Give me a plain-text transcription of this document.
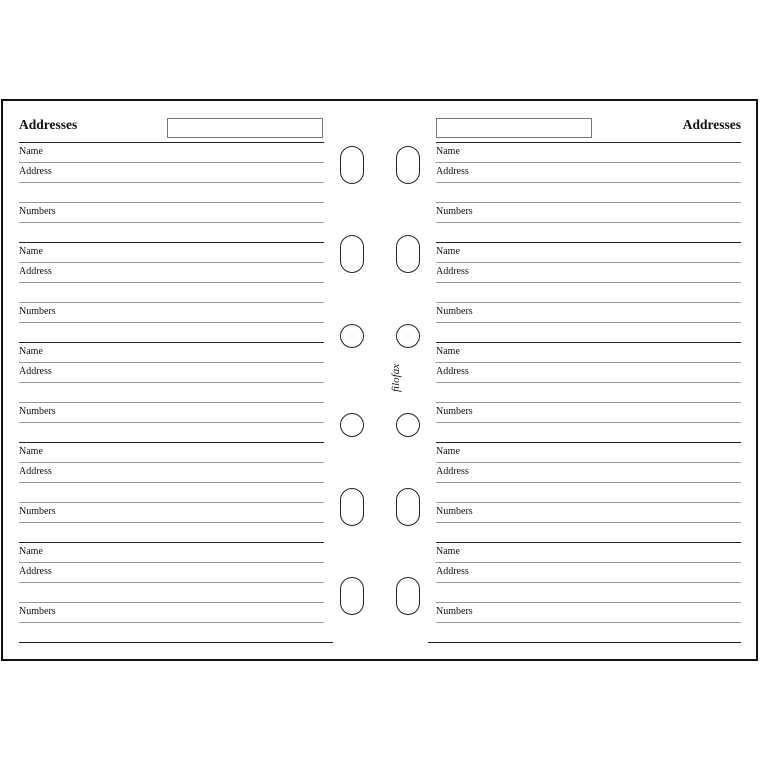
Addresses	Addresses
filofax
Name
Address
Numbers
Name
Address
Numbers
Name
Address
Numbers
Name
Address
Numbers
Name
Address
Numbers
Name
Address
Numbers
Name
Address
Numbers
Name
Address
Numbers
Name
Address
Numbers
Name
Address
Numbers
